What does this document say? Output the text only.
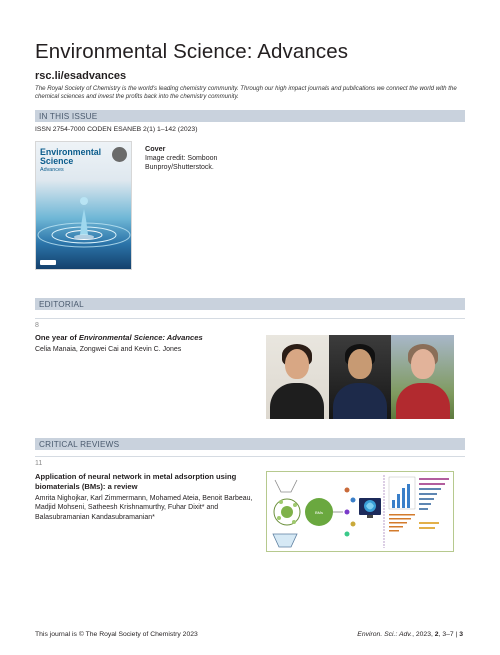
Environmental Science: Advances
rsc.li/esadvances
The Royal Society of Chemistry is the world's leading chemistry community. Through our high impact journals and publications we connect the world with the chemical sciences and invest the profits back into the chemistry community.
IN THIS ISSUE
ISSN 2754-7000 CODEN ESANEB 2(1) 1–142 (2023)
Environmental Science
Advances
Cover
Image credit: Somboon Bunproy/Shutterstock.
EDITORIAL
8
One year of Environmental Science: Advances
Celia Manaia, Zongwei Cai and Kevin C. Jones
CRITICAL REVIEWS
11
Application of neural network in metal adsorption using biomaterials (BMs): a review
Amrita Nighojkar, Karl Zimmermann, Mohamed Ateia, Benoit Barbeau, Madjid Mohseni, Satheesh Krishnamurthy, Fuhar Dixit* and Balasubramanian Kandasubramanian*
BMs
This journal is © The Royal Society of Chemistry 2023	Environ. Sci.: Adv., 2023, 2, 3–7 | 3
